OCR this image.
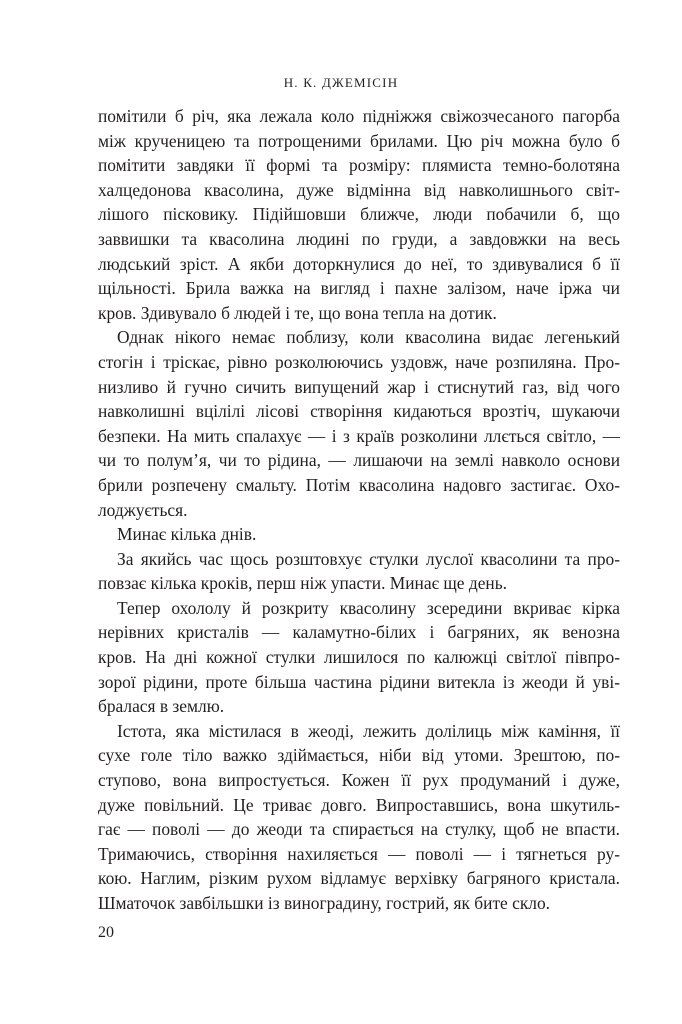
Н. К. ДЖЕМІСІН

помітили б річ, яка лежала коло підніжжя свіжозчесаного пагорба
між крученицею та потрощеними брилами. Цю річ можна було б
помітити завдяки її формі та розміру: плямиста темно-болотяна
халцедонова квасолина, дуже відмінна від навколишнього світ-
лішого пісковику. Підійшовши ближче, люди побачили б, що
заввишки та квасолина людині по груди, а завдовжки на весь
людський зріст. А якби доторкнулися до неї, то здивувалися б її
щільності. Брила важка на вигляд і пахне залізом, наче іржа чи
кров. Здивувало б людей і те, що вона тепла на дотик.

Однак нікого немає поблизу, коли квасолина видає легенький
стогін і тріскає, рівно розколюючись уздовж, наче розпиляна. Про-
низливо й гучно сичить випущений жар і стиснутий газ, від чого
навколишні вцілілі лісові створіння кидаються врозтіч, шукаючи
безпеки. На мить спалахує — і з країв розколини ллється світло, —
чи то полум’я, чи то рідина, — лишаючи на землі навколо основи
брили розпечену смальту. Потім квасолина надовго застигає. Охо-
лоджується.

Минає кілька днів.

За якийсь час щось розштовхує стулки луслої квасолини та про-
повзає кілька кроків, перш ніж упасти. Минає ще день.

Тепер охололу й розкриту квасолину зсередини вкриває кірка
нерівних кристалів — каламутно-білих і багряних, як венозна
кров. На дні кожної стулки лишилося по калюжці світлої півпро-
зорої рідини, проте більша частина рідини витекла із жеоди й уві-
бралася в землю.

Істота, яка містилася в жеоді, лежить долілиць між каміння, її
сухе голе тіло важко здіймається, ніби від утоми. Зрештою, по-
ступово, вона випростується. Кожен її рух продуманий і дуже,
дуже повільний. Це триває довго. Випроставшись, вона шкутиль-
гає — поволі — до жеоди та спирається на стулку, щоб не впасти.
Тримаючись, створіння нахиляється — поволі — і тягнеться ру-
кою. Наглим, різким рухом відламує верхівку багряного кристала.
Шматочок завбільшки із виноградину, гострий, як бите скло.

20
